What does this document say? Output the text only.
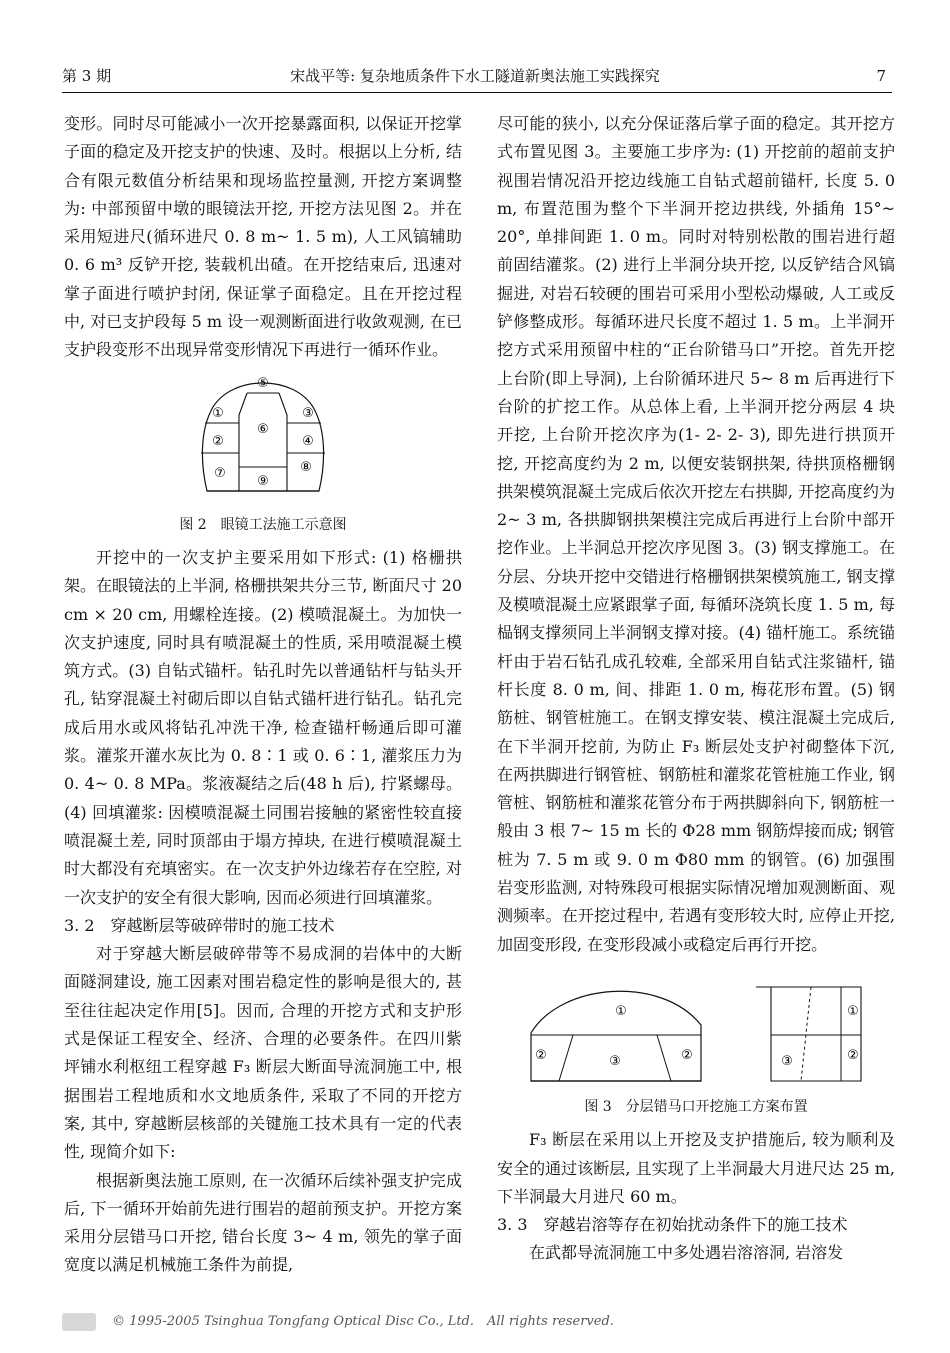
第 3 期	宋战平等: 复杂地质条件下水工隧道新奥法施工实践探究	7

变形。同时尽可能减小一次开挖暴露面积, 以保证开挖掌子面的稳定及开挖支护的快速、及时。根据以上分析, 结合有限元数值分析结果和现场监控量测, 开挖方案调整为: 中部预留中墩的眼镜法开挖, 开挖方法见图 2。并在采用短进尺(循环进尺 0. 8 m~ 1. 5 m), 人工风镐辅助 0. 6 m³ 反铲开挖, 装载机出碴。在开挖结束后, 迅速对掌子面进行喷护封闭, 保证掌子面稳定。且在开挖过程中, 对已支护段每 5 m 设一观测断面进行收敛观测, 在已支护段变形不出现异常变形情况下再进行一循环作业。

⑤
①	③
⑥
②	④
⑦	⑧
⑨
图 2　眼镜工法施工示意图

开挖中的一次支护主要采用如下形式: (1) 格栅拱架。在眼镜法的上半洞, 格栅拱架共分三节, 断面尺寸 20 cm × 20 cm, 用螺栓连接。(2) 模喷混凝土。为加快一次支护速度, 同时具有喷混凝土的性质, 采用喷混凝土模筑方式。(3) 自钻式锚杆。钻孔时先以普通钻杆与钻头开孔, 钻穿混凝土衬砌后即以自钻式锚杆进行钻孔。钻孔完成后用水或风将钻孔冲洗干净, 检查锚杆畅通后即可灌浆。灌浆开灌水灰比为 0. 8∶1 或 0. 6∶1, 灌浆压力为 0. 4~ 0. 8 MPa。浆液凝结之后(48 h 后), 拧紧螺母。(4) 回填灌浆: 因模喷混凝土同围岩接触的紧密性较直接喷混凝土差, 同时顶部由于塌方掉块, 在进行模喷混凝土时大都没有充填密实。在一次支护外边缘若存在空腔, 对一次支护的安全有很大影响, 因而必须进行回填灌浆。

3. 2　穿越断层等破碎带时的施工技术

对于穿越大断层破碎带等不易成洞的岩体中的大断面隧洞建设, 施工因素对围岩稳定性的影响是很大的, 甚至往往起决定作用[5]。因而, 合理的开挖方式和支护形式是保证工程安全、经济、合理的必要条件。在四川紫坪铺水利枢纽工程穿越 F₃ 断层大断面导流洞施工中, 根据围岩工程地质和水文地质条件, 采取了不同的开挖方案, 其中, 穿越断层核部的关键施工技术具有一定的代表性, 现简介如下:

根据新奥法施工原则, 在一次循环后续补强支护完成后, 下一循环开始前先进行围岩的超前预支护。开挖方案采用分层错马口开挖, 错台长度 3~ 4 m, 领先的掌子面宽度以满足机械施工条件为前提,

尽可能的狭小, 以充分保证落后掌子面的稳定。其开挖方式布置见图 3。主要施工步序为: (1) 开挖前的超前支护视围岩情况沿开挖边线施工自钻式超前锚杆, 长度 5. 0 m, 布置范围为整个下半洞开挖边拱线, 外插角 15°~ 20°, 单排间距 1. 0 m。同时对特别松散的围岩进行超前固结灌浆。(2) 进行上半洞分块开挖, 以反铲结合风镐掘进, 对岩石较硬的围岩可采用小型松动爆破, 人工或反铲修整成形。每循环进尺长度不超过 1. 5 m。上半洞开挖方式采用预留中柱的“正台阶错马口”开挖。首先开挖上台阶(即上导洞), 上台阶循环进尺 5~ 8 m 后再进行下台阶的扩挖工作。从总体上看, 上半洞开挖分两层 4 块开挖, 上台阶开挖次序为(1- 2- 2- 3), 即先进行拱顶开挖, 开挖高度约为 2 m, 以便安装钢拱架, 待拱顶格栅钢拱架模筑混凝土完成后依次开挖左右拱脚, 开挖高度约为 2~ 3 m, 各拱脚钢拱架模注完成后再进行上台阶中部开挖作业。上半洞总开挖次序见图 3。(3) 钢支撑施工。在分层、分块开挖中交错进行格栅钢拱架模筑施工, 钢支撑及模喷混凝土应紧跟掌子面, 每循环浇筑长度 1. 5 m, 每榀钢支撑须同上半洞钢支撑对接。(4) 锚杆施工。系统锚杆由于岩石钻孔成孔较难, 全部采用自钻式注浆锚杆, 锚杆长度 8. 0 m, 间、排距 1. 0 m, 梅花形布置。(5) 钢筋桩、钢管桩施工。在钢支撑安装、模注混凝土完成后, 在下半洞开挖前, 为防止 F₃ 断层处支护衬砌整体下沉, 在两拱脚进行钢管桩、钢筋桩和灌浆花管桩施工作业, 钢管桩、钢筋桩和灌浆花管分布于两拱脚斜向下, 钢筋桩一般由 3 根 7~ 15 m 长的 Φ28 mm 钢筋焊接而成; 钢管桩为 7. 5 m 或 9. 0 m Φ80 mm 的钢管。(6) 加强围岩变形监测, 对特殊段可根据实际情况增加观测断面、观测频率。在开挖过程中, 若遇有变形较大时, 应停止开挖, 加固变形段, 在变形段减小或稳定后再行开挖。

①
②	③	②
①
②
③
图 3　分层错马口开挖施工方案布置

F₃ 断层在采用以上开挖及支护措施后, 较为顺利及安全的通过该断层, 且实现了上半洞最大月进尺达 25 m, 下半洞最大月进尺 60 m。

3. 3　穿越岩溶等存在初始扰动条件下的施工技术

在武都导流洞施工中多处遇岩溶溶洞, 岩溶发

© 1995-2005 Tsinghua Tongfang Optical Disc Co., Ltd.　All rights reserved.
